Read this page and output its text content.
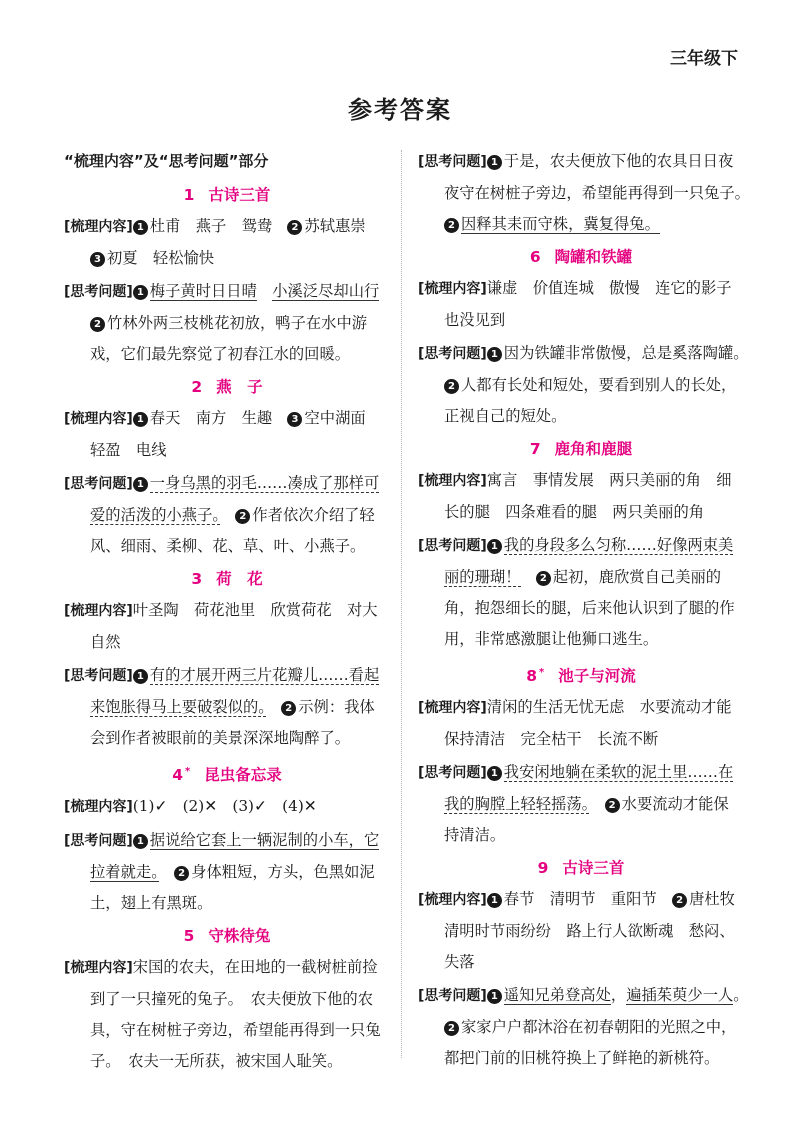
三年级下
参考答案
“梳理内容”及“思考问题”部分
1 古诗三首

[梳理内容] 1 杜甫　燕子　鸳鸯　2 苏轼惠崇　3 初夏　轻松愉快

[思考问题] 1 梅子黄时日日晴　 小溪泛尽却山行　2 竹林外两三枝桃花初放，鸭子在水中游戏，它们最先察觉了初春江水的回暖。

2 燕　子

[梳理内容] 1 春天　南方　生趣　3 空中湖面　轻盈　电线

[思考问题] 1 一身乌黑的羽毛……凑成了那样可爱的活泼的小燕子。　 2 作者依次介绍了轻风、细雨、柔柳、花、草、叶、小燕子。

3 荷　花

[梳理内容]叶圣陶　荷花池里　欣赏荷花　对大自然

[思考问题] 1 有的才展开两三片花瓣儿……看起来饱胀得马上要破裂似的。　 2 示例：我体会到作者被眼前的美景深深地陶醉了。

4 * 昆虫备忘录

[梳理内容](1)✓　(2)✕　(3)✓　(4)✕

[思考问题] 1 据说给它套上一辆泥制的小车，它拉着就走。　 2 身体粗短，方头，色黑如泥土，翅上有黑斑。

5 守株待兔

[梳理内容]宋国的农夫，在田地的一截树桩前捡到了一只撞死的兔子。　农夫便放下他的农具，守在树桩子旁边，希望能再得到一只兔子。　农夫一无所获，被宋国人耻笑。

[思考问题] 1 于是，农夫便放下他的农具日日夜夜守在树桩子旁边，希望能再得到一只兔子。　2 因释其耒而守株，冀复得兔。

6 陶罐和铁罐

[梳理内容]谦虚　价值连城　傲慢　连它的影子也没见到

[思考问题] 1 因为铁罐非常傲慢，总是奚落陶罐。　2 人都有长处和短处，要看到别人的长处，正视自己的短处。

7 鹿角和鹿腿

[梳理内容]寓言　事情发展　两只美丽的角　细长的腿　四条难看的腿　两只美丽的角

[思考问题] 1 我的身段多么匀称……好像两束美丽的珊瑚！　 2 起初，鹿欣赏自己美丽的角，抱怨细长的腿，后来他认识到了腿的作用，非常感激腿让他狮口逃生。

8 * 池子与河流

[梳理内容]清闲的生活无忧无虑　水要流动才能保持清洁　完全枯干　长流不断

[思考问题] 1 我安闲地躺在柔软的泥土里……在我的胸膛上轻轻摇荡。　 2 水要流动才能保持清洁。

9 古诗三首

[梳理内容] 1 春节　清明节　重阳节　2 唐杜牧　清明时节雨纷纷　路上行人欲断魂　愁闷、失落

[思考问题] 1 遥知兄弟登高处，遍插茱萸少一人。　2 家家户户都沐浴在初春朝阳的光照之中，都把门前的旧桃符换上了鲜艳的新桃符。
